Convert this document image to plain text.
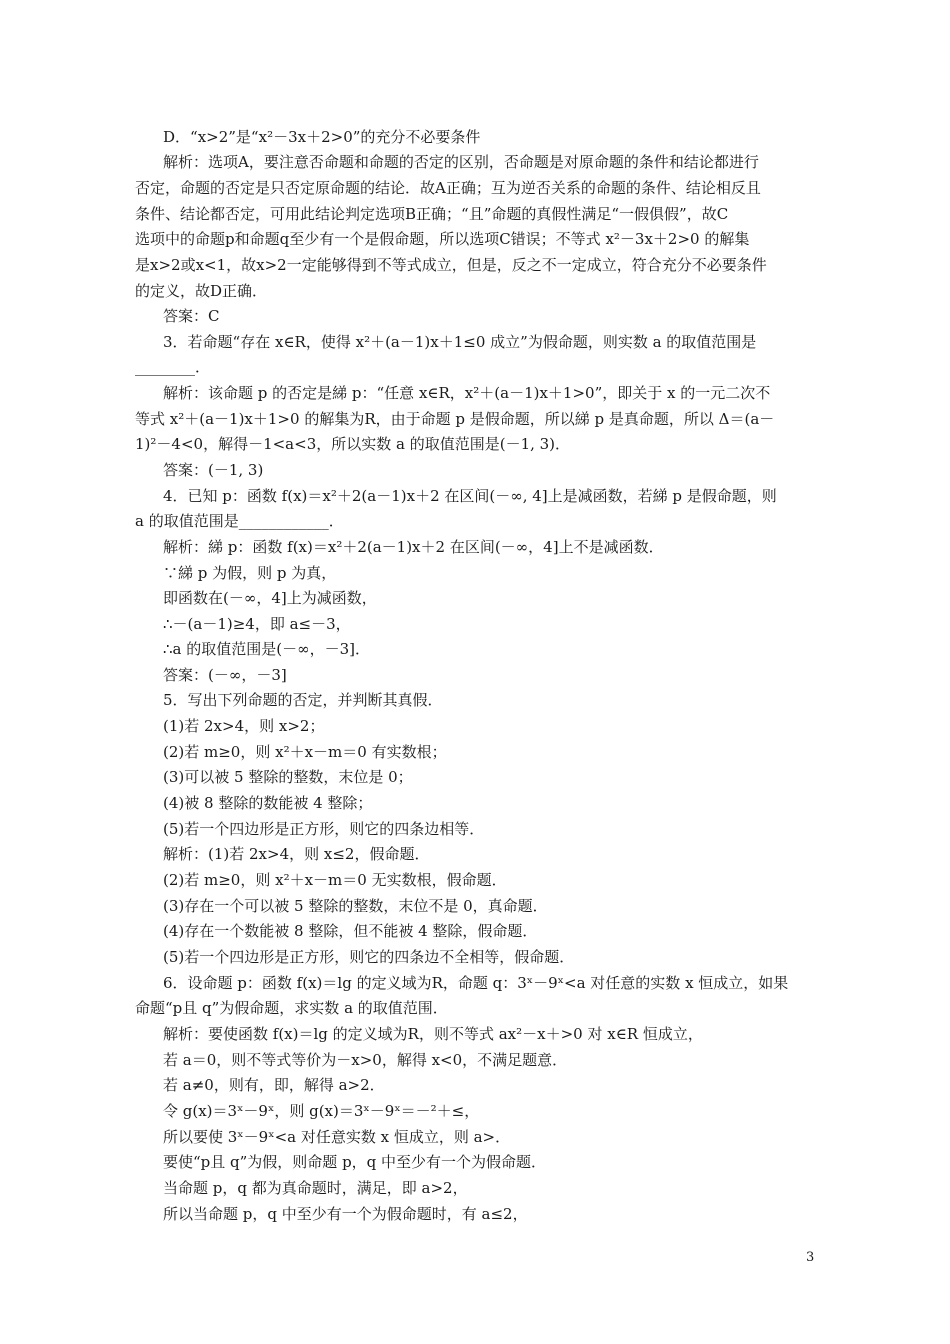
D．“x>2”是“x²－3x＋2>0”的充分不必要条件
解析：选项A，要注意否命题和命题的否定的区别，否命题是对原命题的条件和结论都进行
否定，命题的否定是只否定原命题的结论．故A正确；互为逆否关系的命题的条件、结论相反且
条件、结论都否定，可用此结论判定选项B正确；“且”命题的真假性满足“一假俱假”，故C
选项中的命题p和命题q至少有一个是假命题，所以选项C错误；不等式 x²－3x＋2>0 的解集
是x>2或x<1，故x>2一定能够得到不等式成立，但是，反之不一定成立，符合充分不必要条件
的定义，故D正确．
答案：C
3．若命题“存在 x∈R，使得 x²＋(a－1)x＋1≤0 成立”为假命题，则实数 a 的取值范围是
________．
解析：该命题 p 的否定是綈 p：“任意 x∈R，x²＋(a－1)x＋1>0”，即关于 x 的一元二次不
等式 x²＋(a－1)x＋1>0 的解集为R，由于命题 p 是假命题，所以綈 p 是真命题，所以 Δ＝(a－
1)²－4<0，解得－1<a<3，所以实数 a 的取值范围是(－1, 3)．
答案：(－1, 3)
4．已知 p：函数 f(x)＝x²＋2(a－1)x＋2 在区间(－∞, 4]上是减函数，若綈 p 是假命题，则
a 的取值范围是____________．
解析：綈 p：函数 f(x)＝x²＋2(a－1)x＋2 在区间(－∞，4]上不是减函数．
∵綈 p 为假，则 p 为真，
即函数在(－∞，4]上为减函数，
∴－(a－1)≥4，即 a≤－3，
∴a 的取值范围是(－∞，－3]．
答案：(－∞，－3]
5．写出下列命题的否定，并判断其真假．
(1)若 2x>4，则 x>2；
(2)若 m≥0，则 x²＋x－m＝0 有实数根；
(3)可以被 5 整除的整数，末位是 0；
(4)被 8 整除的数能被 4 整除；
(5)若一个四边形是正方形，则它的四条边相等．
解析：(1)若 2x>4，则 x≤2，假命题．
(2)若 m≥0，则 x²＋x－m＝0 无实数根，假命题．
(3)存在一个可以被 5 整除的整数，末位不是 0，真命题．
(4)存在一个数能被 8 整除，但不能被 4 整除，假命题．
(5)若一个四边形是正方形，则它的四条边不全相等，假命题．
6．设命题 p：函数 f(x)＝lg 的定义域为R，命题 q：3ˣ－9ˣ<a 对任意的实数 x 恒成立，如果
命题“p且 q”为假命题，求实数 a 的取值范围．
解析：要使函数 f(x)＝lg 的定义域为R，则不等式 ax²－x＋>0 对 x∈R 恒成立，
若 a＝0，则不等式等价为－x>0，解得 x<0，不满足题意．
若 a≠0，则有，即，解得 a>2．
令 g(x)＝3ˣ－9ˣ，则 g(x)＝3ˣ－9ˣ＝－²＋≤，
所以要使 3ˣ－9ˣ<a 对任意实数 x 恒成立，则 a>．
要使“p且 q”为假，则命题 p，q 中至少有一个为假命题．
当命题 p，q 都为真命题时，满足，即 a>2，
所以当命题 p，q 中至少有一个为假命题时，有 a≤2，
3
